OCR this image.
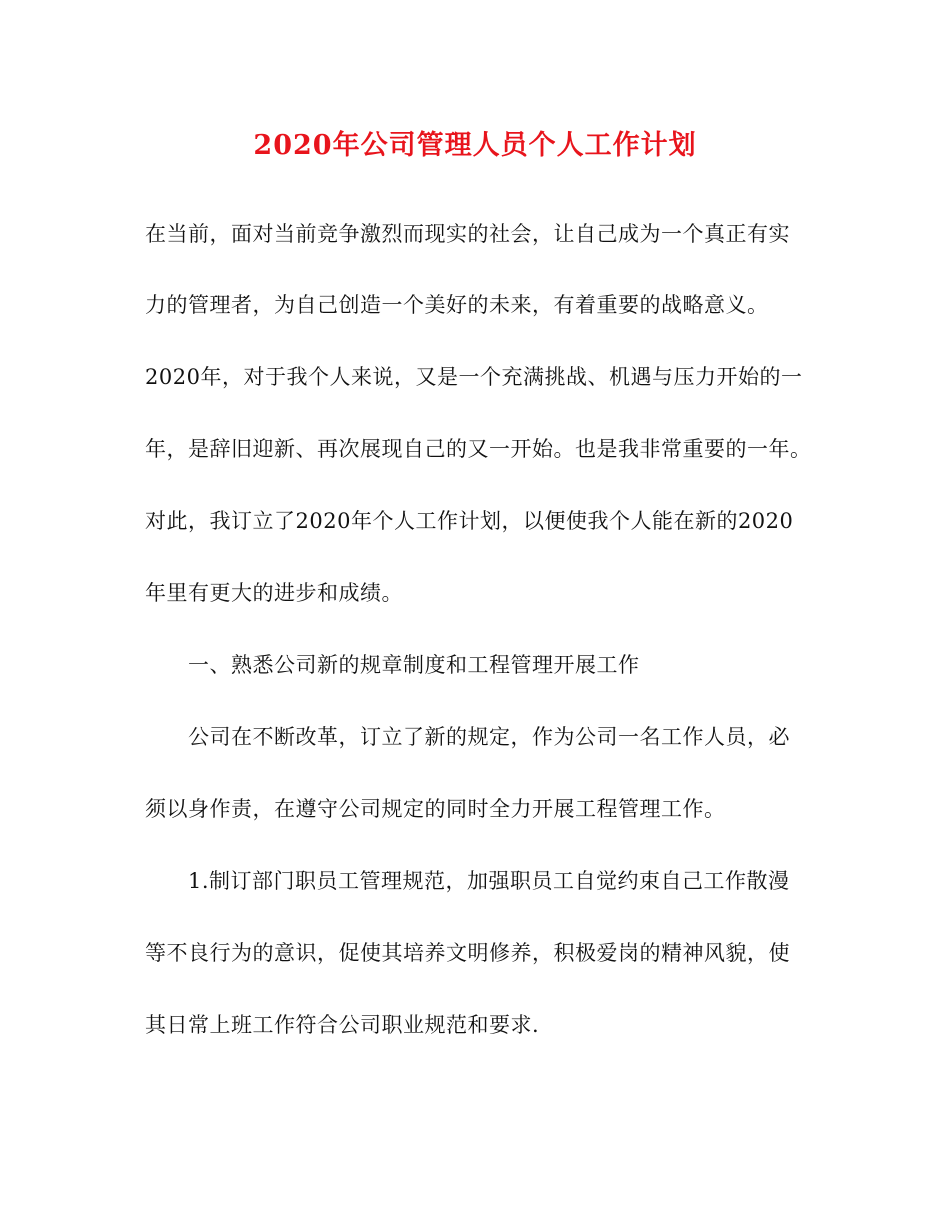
2020年公司管理人员个人工作计划
在当前，面对当前竞争激烈而现实的社会，让自己成为一个真正有实
力的管理者，为自己创造一个美好的未来，有着重要的战略意义。
2020年，对于我个人来说，又是一个充满挑战、机遇与压力开始的一
年，是辞旧迎新、再次展现自己的又一开始。也是我非常重要的一年。
对此，我订立了2020年个人工作计划，以便使我个人能在新的2020
年里有更大的进步和成绩。
一、熟悉公司新的规章制度和工程管理开展工作
公司在不断改革，订立了新的规定，作为公司一名工作人员，必
须以身作责，在遵守公司规定的同时全力开展工程管理工作。
1.制订部门职员工管理规范，加强职员工自觉约束自己工作散漫
等不良行为的意识，促使其培养文明修养，积极爱岗的精神风貌，使
其日常上班工作符合公司职业规范和要求.
